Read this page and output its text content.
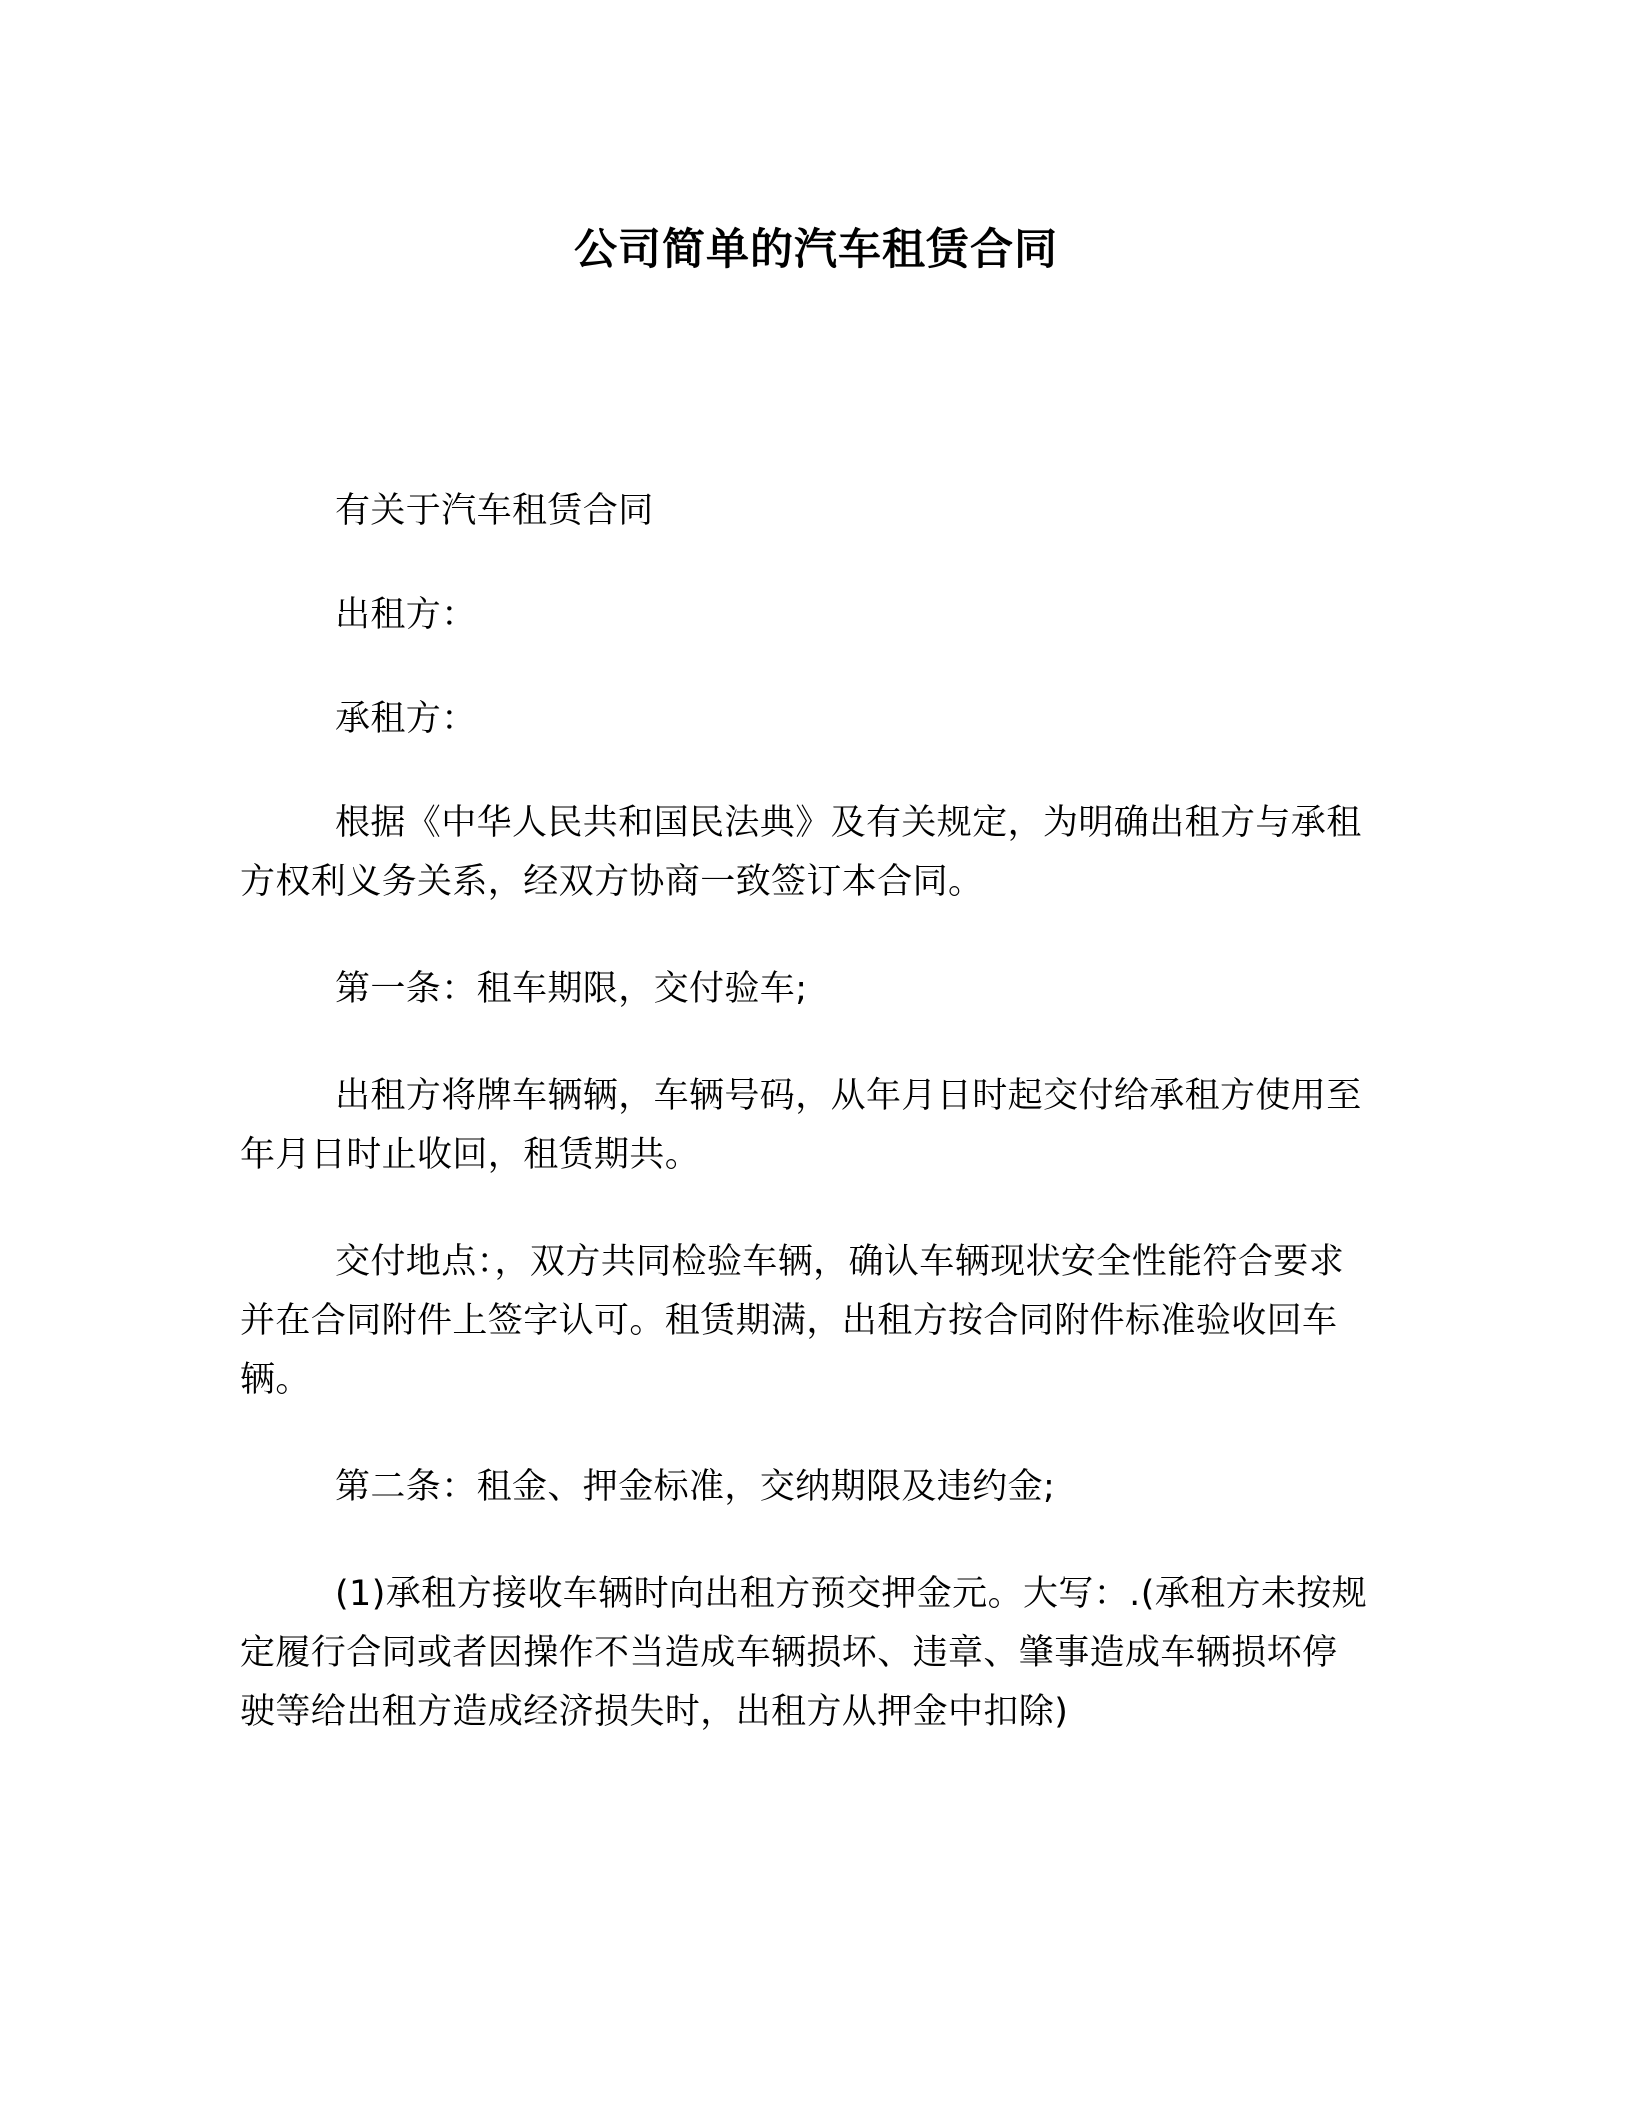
公司简单的汽车租赁合同

有关于汽车租赁合同

出租方：

承租方：

根据《中华人民共和国民法典》及有关规定，为明确出租方与承租方权利义务关系，经双方协商一致签订本合同。

第一条：租车期限，交付验车;

出租方将牌车辆辆，车辆号码，从年月日时起交付给承租方使用至年月日时止收回，租赁期共。

交付地点：，双方共同检验车辆，确认车辆现状安全性能符合要求并在合同附件上签字认可。租赁期满，出租方按合同附件标准验收回车辆。

第二条：租金、押金标准，交纳期限及违约金;

(1)承租方接收车辆时向出租方预交押金元。大写：.(承租方未按规定履行合同或者因操作不当造成车辆损坏、违章、肇事造成车辆损坏停驶等给出租方造成经济损失时，出租方从押金中扣除)
